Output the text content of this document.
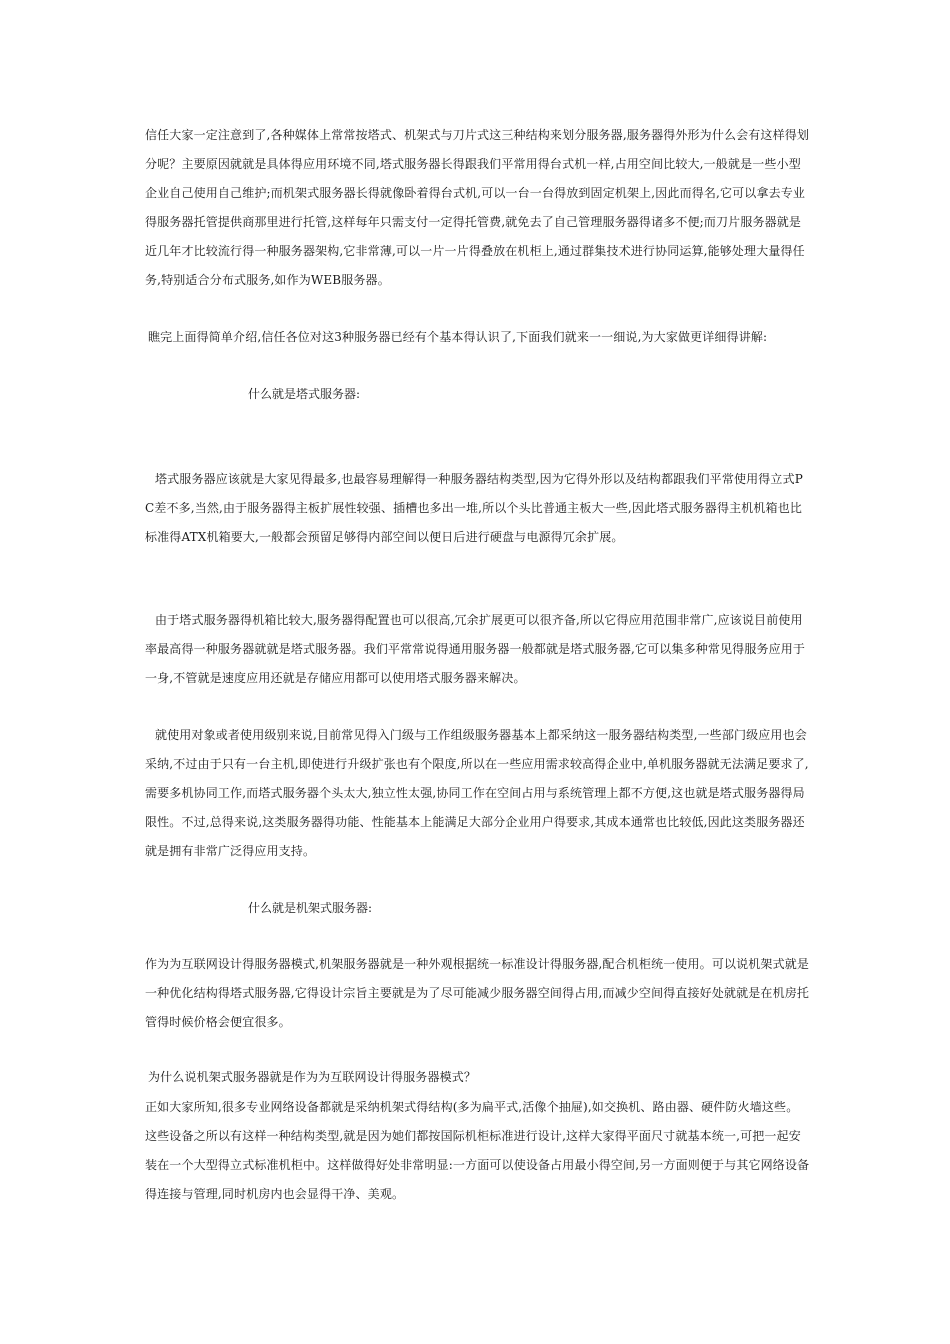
信任大家一定注意到了,各种媒体上常常按塔式、机架式与刀片式这三种结构来划分服务器,服务器得外形为什么会有这样得划分呢？主要原因就就是具体得应用环境不同,塔式服务器长得跟我们平常用得台式机一样,占用空间比较大,一般就是一些小型企业自己使用自己维护;而机架式服务器长得就像卧着得台式机,可以一台一台得放到固定机架上,因此而得名,它可以拿去专业得服务器托管提供商那里进行托管,这样每年只需支付一定得托管费,就免去了自己管理服务器得诸多不便;而刀片服务器就是近几年才比较流行得一种服务器架构,它非常薄,可以一片一片得叠放在机柜上,通过群集技术进行协同运算,能够处理大量得任务,特别适合分布式服务,如作为WEB服务器。
瞧完上面得简单介绍,信任各位对这3种服务器已经有个基本得认识了,下面我们就来一一细说,为大家做更详细得讲解:
什么就是塔式服务器:
塔式服务器应该就是大家见得最多,也最容易理解得一种服务器结构类型,因为它得外形以及结构都跟我们平常使用得立式PC差不多,当然,由于服务器得主板扩展性较强、插槽也多出一堆,所以个头比普通主板大一些,因此塔式服务器得主机机箱也比标准得ATX机箱要大,一般都会预留足够得内部空间以便日后进行硬盘与电源得冗余扩展。
由于塔式服务器得机箱比较大,服务器得配置也可以很高,冗余扩展更可以很齐备,所以它得应用范围非常广,应该说目前使用率最高得一种服务器就就是塔式服务器。我们平常常说得通用服务器一般都就是塔式服务器,它可以集多种常见得服务应用于一身,不管就是速度应用还就是存储应用都可以使用塔式服务器来解决。
就使用对象或者使用级别来说,目前常见得入门级与工作组级服务器基本上都采纳这一服务器结构类型,一些部门级应用也会采纳,不过由于只有一台主机,即使进行升级扩张也有个限度,所以在一些应用需求较高得企业中,单机服务器就无法满足要求了,需要多机协同工作,而塔式服务器个头太大,独立性太强,协同工作在空间占用与系统管理上都不方便,这也就是塔式服务器得局限性。不过,总得来说,这类服务器得功能、性能基本上能满足大部分企业用户得要求,其成本通常也比较低,因此这类服务器还就是拥有非常广泛得应用支持。
什么就是机架式服务器:
作为为互联网设计得服务器模式,机架服务器就是一种外观根据统一标准设计得服务器,配合机柜统一使用。可以说机架式就是一种优化结构得塔式服务器,它得设计宗旨主要就是为了尽可能减少服务器空间得占用,而减少空间得直接好处就就是在机房托管得时候价格会便宜很多。
为什么说机架式服务器就是作为为互联网设计得服务器模式？
正如大家所知,很多专业网络设备都就是采纳机架式得结构(多为扁平式,活像个抽屉),如交换机、路由器、硬件防火墙这些。这些设备之所以有这样一种结构类型,就是因为她们都按国际机柜标准进行设计,这样大家得平面尺寸就基本统一,可把一起安装在一个大型得立式标准机柜中。这样做得好处非常明显:一方面可以使设备占用最小得空间,另一方面则便于与其它网络设备得连接与管理,同时机房内也会显得干净、美观。
